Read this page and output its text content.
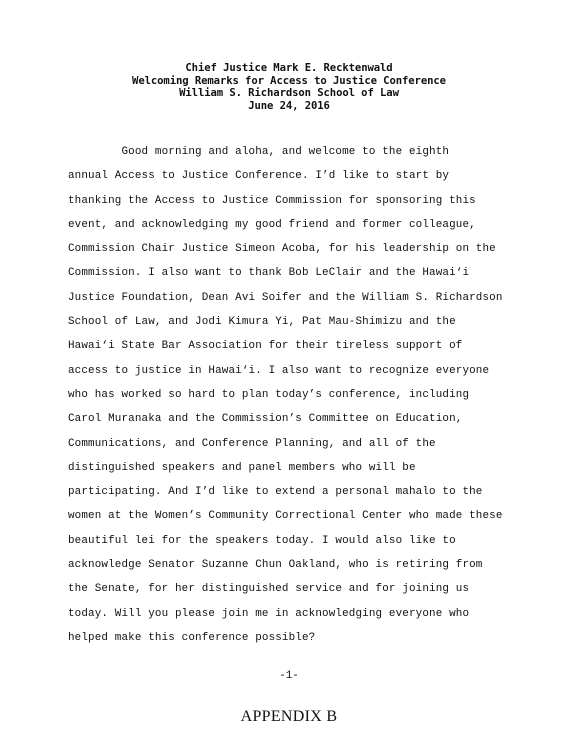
Chief Justice Mark E. Recktenwald
Welcoming Remarks for Access to Justice Conference
William S. Richardson School of Law
June 24, 2016
Good morning and aloha, and welcome to the eighth
annual Access to Justice Conference. I’d like to start by
thanking the Access to Justice Commission for sponsoring this
event, and acknowledging my good friend and former colleague,
Commission Chair Justice Simeon Acoba, for his leadership on the
Commission. I also want to thank Bob LeClair and the Hawai‘i
Justice Foundation, Dean Avi Soifer and the William S. Richardson
School of Law, and Jodi Kimura Yi, Pat Mau-Shimizu and the
Hawai‘i State Bar Association for their tireless support of
access to justice in Hawai‘i. I also want to recognize everyone
who has worked so hard to plan today’s conference, including
Carol Muranaka and the Commission’s Committee on Education,
Communications, and Conference Planning, and all of the
distinguished speakers and panel members who will be
participating. And I’d like to extend a personal mahalo to the
women at the Women’s Community Correctional Center who made these
beautiful lei for the speakers today. I would also like to
acknowledge Senator Suzanne Chun Oakland, who is retiring from
the Senate, for her distinguished service and for joining us
today. Will you please join me in acknowledging everyone who
helped make this conference possible?
-1-
APPENDIX B
